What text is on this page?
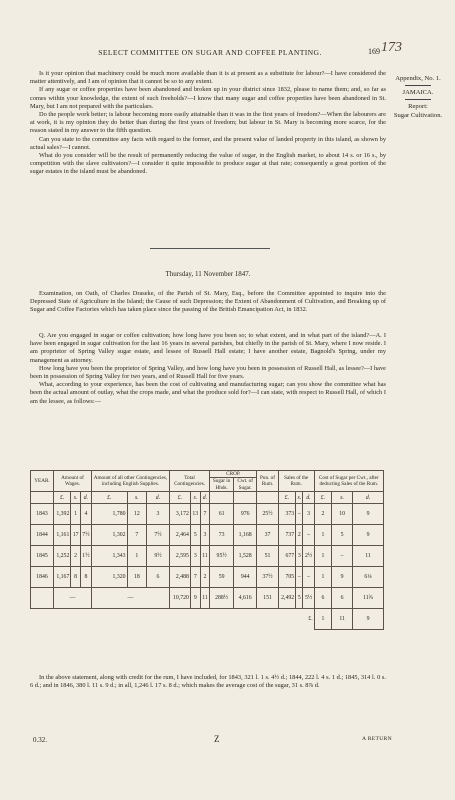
SELECT COMMITTEE ON SUGAR AND COFFEE PLANTING.	169 173
Appendix, No. 1.
JAMAICA.
Report:
Sugar Cultivation.

Is it your opinion that machinery could be much more available than it is at present as a substitute for labour?—I have considered the matter attentively, and I am of opinion that it cannot be so to any extent.

If any sugar or coffee properties have been abandoned and broken up in your district since 1832, please to name them; and, so far as comes within your knowledge, the extent of such freeholds?—I know that many sugar and coffee properties have been abandoned in St. Mary, but I am not prepared with the particulars.

Do the people work better; is labour becoming more easily attainable than it was in the first years of freedom?—When the labourers are at work, it is my opinion they do better than during the first years of freedom; but labour in St. Mary is becoming more scarce, for the reason stated in my answer to the fifth question.

Can you state to the committee any facts with regard to the former, and the present value of landed property in this island, as shown by actual sales?—I cannot.

What do you consider will be the result of permanently reducing the value of sugar, in the English market, to about 14 s. or 16 s., by competition with the slave cultivators?—I consider it quite impossible to produce sugar at that rate; consequently a great portion of the sugar estates in the island must be abandoned.

Thursday, 11 November 1847.

Examination, on Oath, of Charles Draseke, of the Parish of St. Mary, Esq., before the Committee appointed to inquire into the Depressed State of Agriculture in the Island; the Cause of such Depression; the Extent of Abandonment of Cultivation, and Breaking up of Sugar and Coffee Factories which has taken place since the passing of the British Emancipation Act, in 1832.

Q. Are you engaged in sugar or coffee cultivation; how long have you been so; to what extent, and in what part of the island?—A. I have been engaged in sugar cultivation for the last 16 years in several parishes, but chiefly in the parish of St. Mary, where I now reside. I am proprietor of Spring Valley sugar estate, and lessee of Russell Hall estate; I have another estate, Bagnold's Spring, under my management as attorney.

How long have you been the proprietor of Spring Valley, and how long have you been in possession of Russell Hall, as lessee?—I have been in possession of Spring Valley for two years, and of Russell Hall for five years.

What, according to your experience, has been the cost of cultivating and manufacturing sugar; can you show the committee what has been the actual amount of outlay, what the crops made, and what the produce sold for?—I can state, with respect to Russell Hall, of which I am the lessee, as follows:—

YEAR.	Amount of Wages.			Amount of all other Contingencies, including English Supplies.			Total Contingencies.			CROP.		Pun. of Rum.	Sales of the Rum.			Cost of Sugar per Cwt., after deducting Sales of the Rum.		
										Sugar in Hhds.	Cwt. of Sugar.							
	£.	s.	d.	£.	s.	d.	£.	s.	d.				£.	s.	d.	£.	s.	d.
1843	1,392	1	4	1,780	12	3	3,172	13	7	61	976	25½	373	–	3	2	10	9
1844	1,161	17	7½	1,302	7	7½	2,464	5	3	73	1,168	37	737	2	–	1	5	9
1845	1,252	2	1½	1,343	1	9½	2,595	3	11	95½	1,528	51	677	3	2½	1	–	11
1846	1,167	8	8	1,320	18	6	2,488	7	2	59	944	37½	705	–	–	1	9	6¼
	—			—			10,720	9	11	288½	4,616	151	2,492	5	5½	6	6	11¾
													£.			1	11	9

In the above statement, along with credit for the rum, I have included, for 1843, 321 l. 1 s. 4½ d.; 1844, 222 l. 4 s. 1 d.; 1845, 314 l. 0 s. 6 d.; and in 1846, 380 l. 11 s. 9 d.; in all, 1,246 l. 17 s. 8 d.; which makes the average cost of the sugar, 31 s. 8⅞ d.

0.32.	Z	A RETURN
